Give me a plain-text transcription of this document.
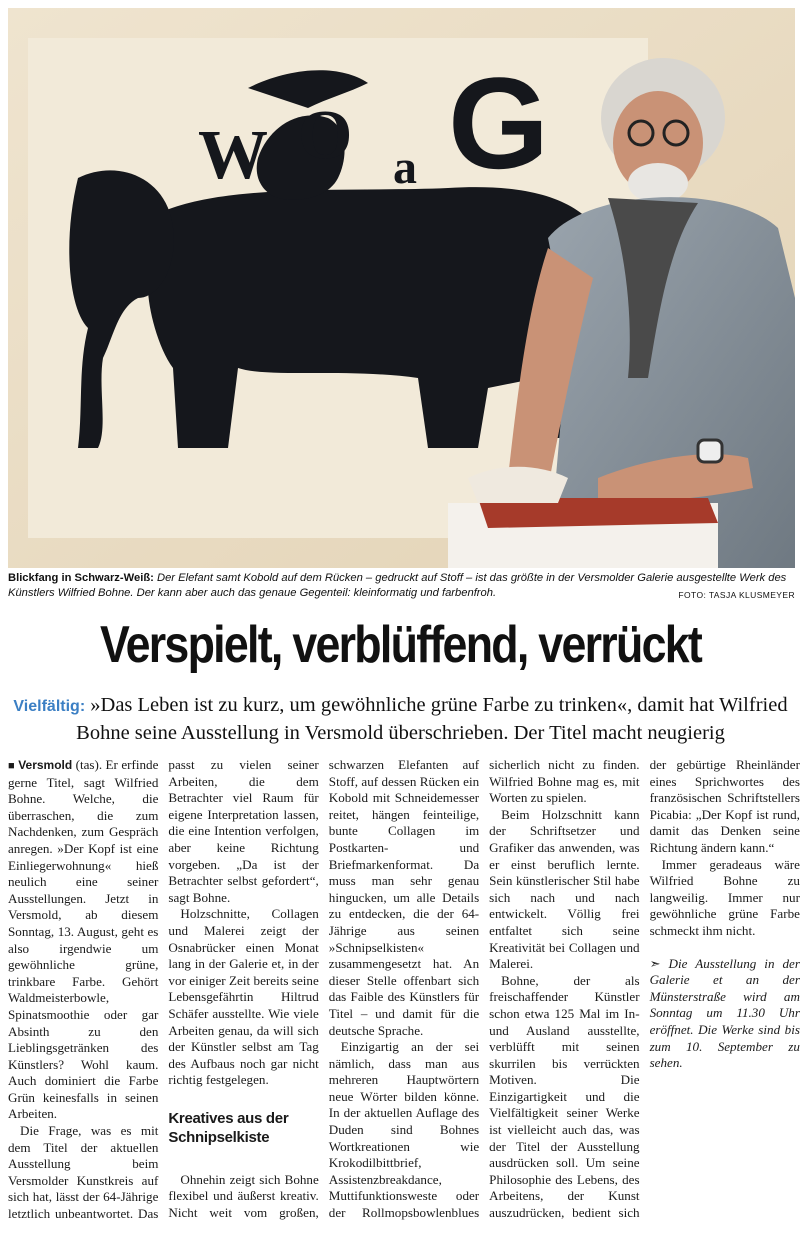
W O a G
Blickfang in Schwarz-Weiß: Der Elefant samt Kobold auf dem Rücken – gedruckt auf Stoff – ist das größte in der Versmolder Galerie ausgestellte Werk des Künstlers Wilfried Bohne. Der kann aber auch das genaue Gegenteil: kleinformatig und farbenfroh.	FOTO: TASJA KLUSMEYER
Verspielt, verblüffend, verrückt
Vielfältig: »Das Leben ist zu kurz, um gewöhnliche grüne Farbe zu trinken«, damit hat Wilfried Bohne seine Ausstellung in Versmold überschrieben. Der Titel macht neugierig

■ Versmold (tas). Er erfinde gerne Titel, sagt Wilfried Bohne. Welche, die überraschen, die zum Nachdenken, zum Gespräch anregen. »Der Kopf ist eine Einliegerwohnung« hieß neulich eine seiner Ausstellungen. Jetzt in Versmold, ab diesem Sonntag, 13. August, geht es also irgendwie um gewöhnliche grüne, trinkbare Farbe. Gehört Waldmeisterbowle, Spinatsmoothie oder gar Absinth zu den Lieblingsgetränken des Künstlers? Wohl kaum. Auch dominiert die Farbe Grün keinesfalls in seinen Arbeiten.

Die Frage, was es mit dem Titel der aktuellen Ausstellung beim Versmolder Kunstkreis auf sich hat, lässt der 64-Jährige letztlich unbeantwortet. Das passt zu vielen seiner Arbeiten, die dem Betrachter viel Raum für eigene Interpretation lassen, die eine Intention verfolgen, aber keine Richtung vorgeben. „Da ist der Betrachter selbst gefordert“, sagt Bohne.

Holzschnitte, Collagen und Malerei zeigt der Osnabrücker einen Monat lang in der Galerie et, in der vor einiger Zeit bereits seine Lebensgefährtin Hiltrud Schäfer ausstellte. Wie viele Arbeiten genau, da will sich der Künstler selbst am Tag des Aufbaus noch gar nicht richtig festgelegen.

Kreatives aus der Schnipselkiste

Ohnehin zeigt sich Bohne flexibel und äußerst kreativ. Nicht weit vom großen, schwarzen Elefanten auf Stoff, auf dessen Rücken ein Kobold mit Schneidemesser reitet, hängen feinteilige, bunte Collagen im Postkarten- und Briefmarkenformat. Da muss man sehr genau hingucken, um alle Details zu entdecken, die der 64-Jährige aus seinen »Schnipselkisten« zusammengesetzt hat. An dieser Stelle offenbart sich das Faible des Künstlers für Titel – und damit für die deutsche Sprache.

Einzigartig an der sei nämlich, dass man aus mehreren Hauptwörtern neue Wörter bilden könne. In der aktuellen Auflage des Duden sind Bohnes Wortkreationen wie Krokodilbittbrief, Assistenzbreakdance, Muttifunktionsweste oder der Rollmopsbowlenblues sicherlich nicht zu finden. Wilfried Bohne mag es, mit Worten zu spielen.

Beim Holzschnitt kann der Schriftsetzer und Grafiker das anwenden, was er einst beruflich lernte. Sein künstlerischer Stil habe sich nach und nach entwickelt. Völlig frei entfaltet sich seine Kreativität bei Collagen und Malerei.

Bohne, der als freischaffender Künstler schon etwa 125 Mal im In- und Ausland ausstellte, verblüfft mit seinen skurrilen bis verrückten Motiven. Die Einzigartigkeit und die Vielfältigkeit seiner Werke ist vielleicht auch das, was der Titel der Ausstellung ausdrücken soll. Um seine Philosophie des Lebens, des Arbeitens, der Kunst auszudrücken, bedient sich der gebürtige Rheinländer eines Sprichwortes des französischen Schriftstellers Picabia: „Der Kopf ist rund, damit das Denken seine Richtung ändern kann.“

Immer geradeaus wäre Wilfried Bohne zu langweilig. Immer nur gewöhnliche grüne Farbe schmeckt ihm nicht.

➣ Die Ausstellung in der Galerie et an der Münsterstraße wird am Sonntag um 11.30 Uhr eröffnet. Die Werke sind bis zum 10. September zu sehen.
